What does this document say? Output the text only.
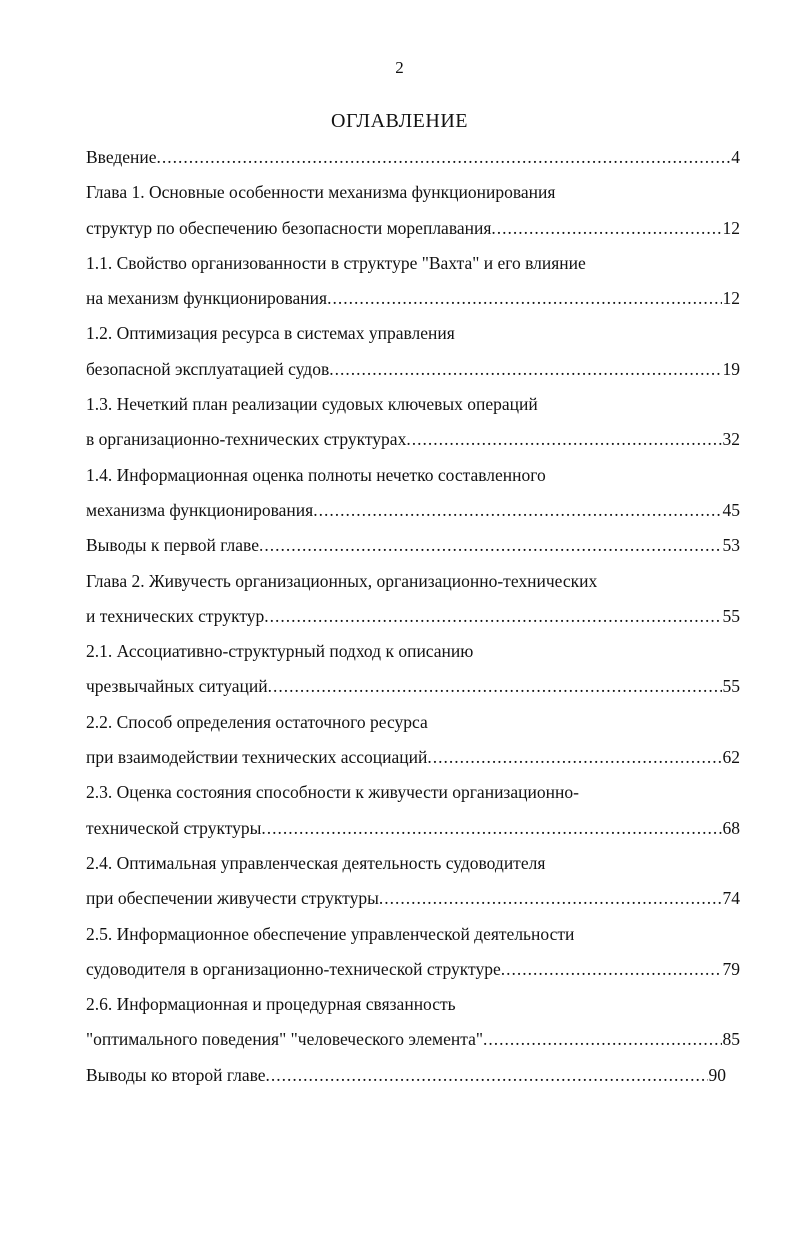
2
ОГЛАВЛЕНИЕ
Введение .....	4
Глава 1. Основные особенности механизма функционирования
структур по обеспечению безопасности мореплавания .....	12
1.1. Свойство организованности в структуре "Вахта" и его влияние
на механизм функционирования .....	12
1.2. Оптимизация ресурса в системах управления
безопасной эксплуатацией судов .....	19
1.3. Нечеткий план реализации судовых ключевых операций
в организационно-технических структурах .....	32
1.4. Информационная оценка полноты нечетко составленного
механизма функционирования .....	45
Выводы к первой главе .....	53
Глава 2. Живучесть организационных, организационно-технических
и технических структур .....	55
2.1. Ассоциативно-структурный подход к описанию
чрезвычайных ситуаций .....	55
2.2. Способ определения остаточного ресурса
при взаимодействии технических ассоциаций .....	62
2.3. Оценка состояния способности к живучести организационно-
технической структуры .....	68
2.4. Оптимальная управленческая деятельность судоводителя
при обеспечении живучести структуры .....	74
2.5. Информационное обеспечение управленческой деятельности
судоводителя в организационно-технической структуре .....	79
2.6. Информационная и процедурная связанность
"оптимального поведения" "человеческого элемента" .....	85
Выводы ко второй главе .....	90
